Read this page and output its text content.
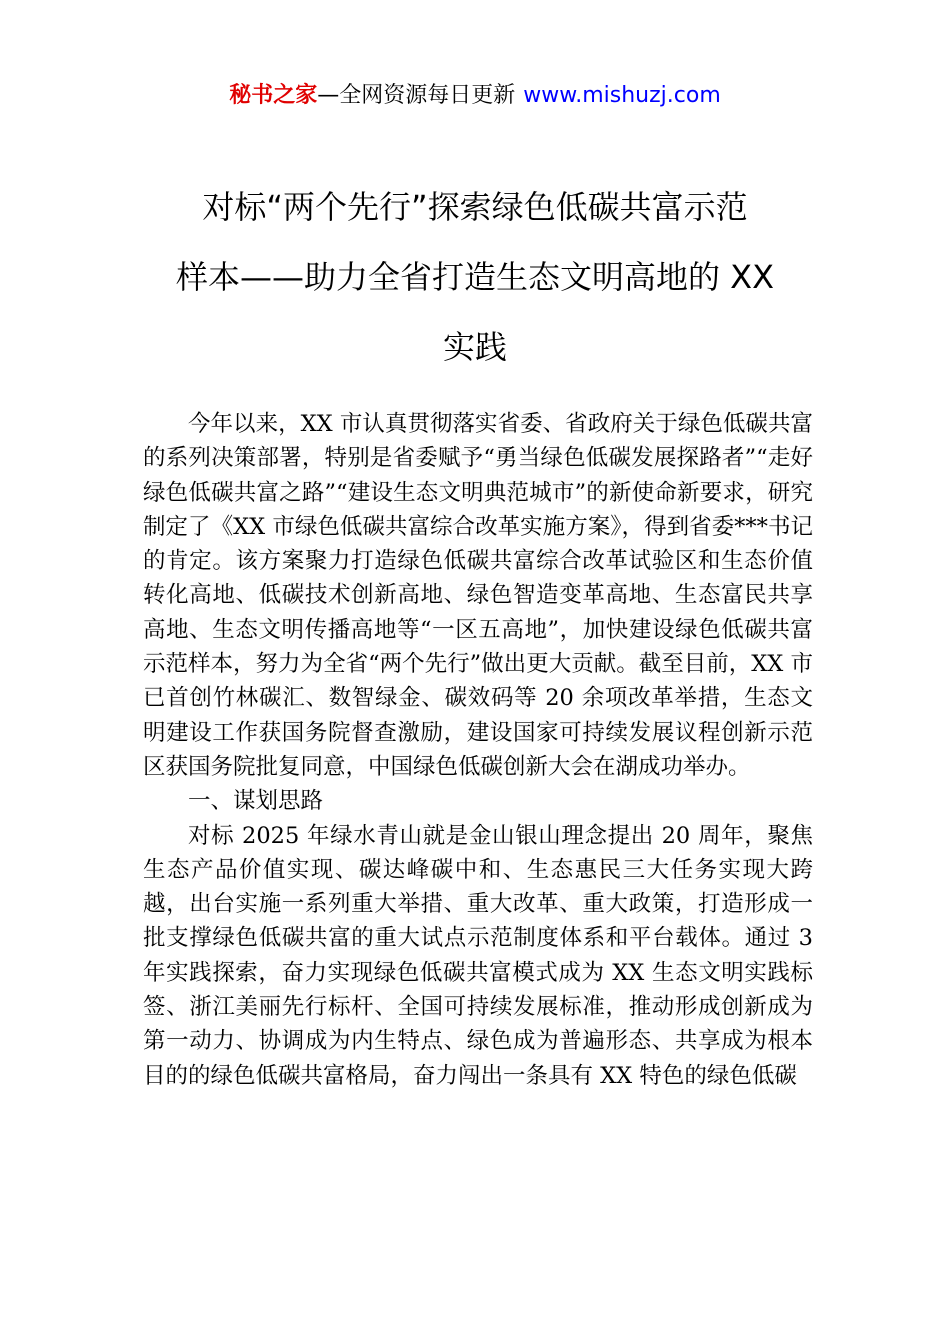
秘书之家—全网资源每日更新 www.mishuzj.com
对标“两个先行”探索绿色低碳共富示范
样本——助力全省打造生态文明高地的 XX
实践

今年以来，XX 市认真贯彻落实省委、省政府关于绿色低碳共富的系列决策部署，特别是省委赋予“勇当绿色低碳发展探路者”“走好绿色低碳共富之路”“建设生态文明典范城市”的新使命新要求，研究制定了《XX 市绿色低碳共富综合改革实施方案》，得到省委***书记的肯定。该方案聚力打造绿色低碳共富综合改革试验区和生态价值转化高地、低碳技术创新高地、绿色智造变革高地、生态富民共享高地、生态文明传播高地等“一区五高地”，加快建设绿色低碳共富示范样本，努力为全省“两个先行”做出更大贡献。截至目前，XX 市已首创竹林碳汇、数智绿金、碳效码等 20 余项改革举措，生态文明建设工作获国务院督查激励，建设国家可持续发展议程创新示范区获国务院批复同意，中国绿色低碳创新大会在湖成功举办。

一、谋划思路

对标 2025 年绿水青山就是金山银山理念提出 20 周年，聚焦生态产品价值实现、碳达峰碳中和、生态惠民三大任务实现大跨越，出台实施一系列重大举措、重大改革、重大政策，打造形成一批支撑绿色低碳共富的重大试点示范制度体系和平台载体。通过 3 年实践探索，奋力实现绿色低碳共富模式成为 XX 生态文明实践标签、浙江美丽先行标杆、全国可持续发展标准，推动形成创新成为第一动力、协调成为内生特点、绿色成为普遍形态、共享成为根本目的的绿色低碳共富格局，奋力闯出一条具有 XX 特色的绿色低碳
